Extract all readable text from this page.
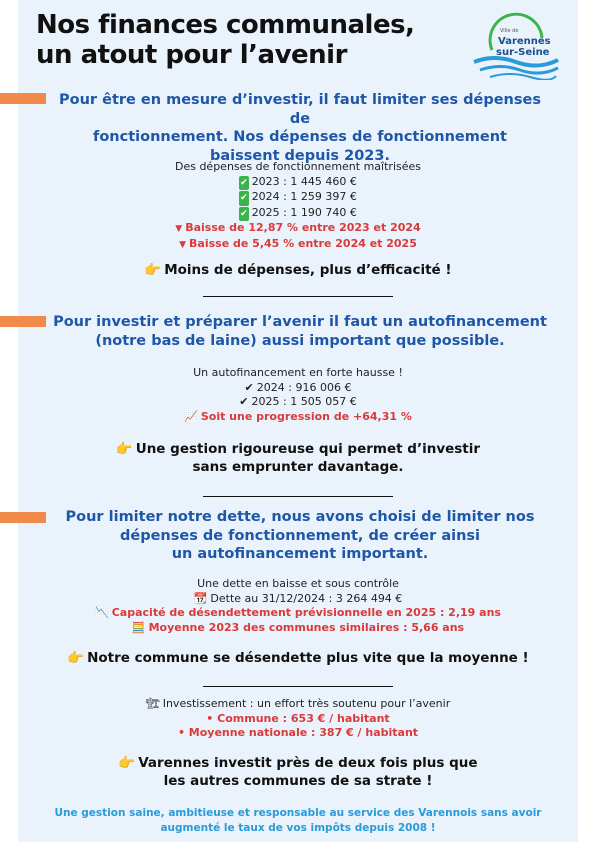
Nos finances communales,
un atout pour l’avenir
Ville de
Varennes
sur-Seine
Pour être en mesure d’investir, il faut limiter ses dépenses de
fonctionnement. Nos dépenses de fonctionnement
baissent depuis 2023.
Des dépenses de fonctionnement maîtrisées
✔ 2023 : 1 445 460 €
✔ 2024 : 1 259 397 €
✔ 2025 : 1 190 740 €
▼ Baisse de 12,87 % entre 2023 et 2024
▼ Baisse de 5,45 % entre 2024 et 2025
👉 Moins de dépenses, plus d’efficacité !
Pour investir et préparer l’avenir il faut un autofinancement
(notre bas de laine) aussi important que possible.
Un autofinancement en forte hausse !
✔ 2024 : 916 006 €
✔ 2025 : 1 505 057 €
📈 Soit une progression de +64,31 %
👉 Une gestion rigoureuse qui permet d’investir
sans emprunter davantage.
Pour limiter notre dette, nous avons choisi de limiter nos
dépenses de fonctionnement, de créer ainsi
un autofinancement important.
Une dette en baisse et sous contrôle
📆 Dette au 31/12/2024 : 3 264 494 €
📉 Capacité de désendettement prévisionnelle en 2025 : 2,19 ans
🧮 Moyenne 2023 des communes similaires : 5,66 ans
👉 Notre commune se désendette plus vite que la moyenne !
🏗 Investissement : un effort très soutenu pour l’avenir
• Commune : 653 € / habitant
• Moyenne nationale : 387 € / habitant
👉 Varennes investit près de deux fois plus que
les autres communes de sa strate !
Une gestion saine, ambitieuse et responsable au service des Varennois sans avoir
augmenté le taux de vos impôts depuis 2008 !
